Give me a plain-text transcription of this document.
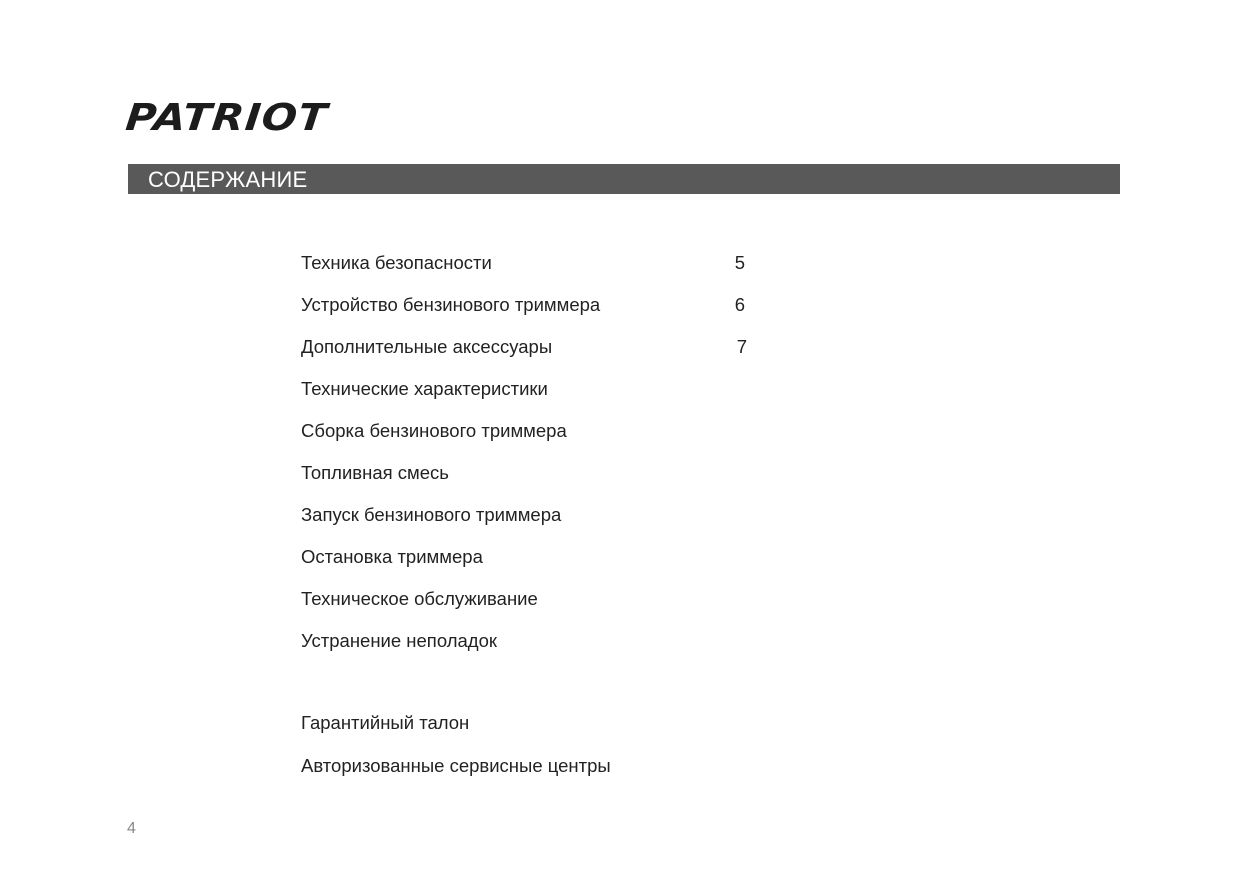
PATRIOT
СОДЕРЖАНИЕ
Техника безопасности	5
Устройство бензинового триммера	6
Дополнительные аксессуары	7
Технические характеристики
Сборка бензинового триммера
Топливная смесь
Запуск бензинового триммера
Остановка триммера
Техническое обслуживание
Устранение неполадок
Гарантийный талон
Авторизованные сервисные центры
4
